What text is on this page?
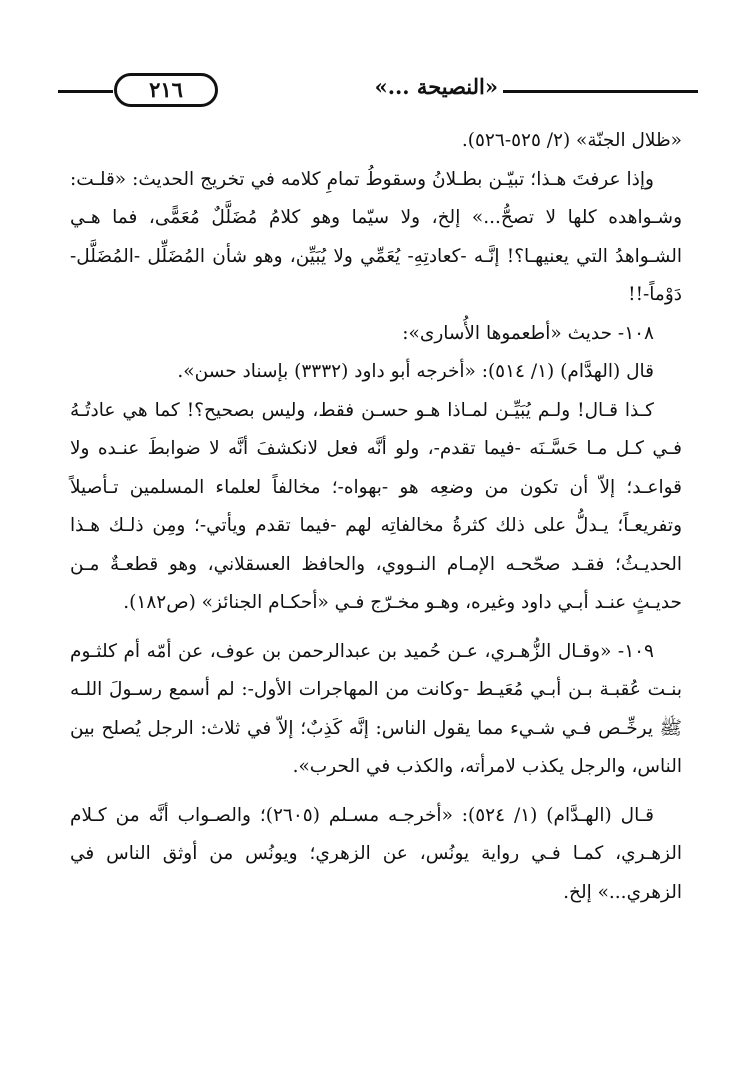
«النصيحة ...»
٢١٦

«ظلال الجنّة» (٢/ ٥٢٥-٥٢٦).

وإذا عرفتَ هـذا؛ تبيّـن بطـلانُ وسقوطُ تمامِ كلامه في تخريج الحديث: «قلـت: وشـواهده كلها لا تصحُّ...» إلخ، ولا سيّما وهو كلامُ مُضَلَّلٌ مُعَمًّى، فما هـي الشـواهدُ التي يعنيهـا؟! إنَّـه -كعادتِهِ- يُعَمِّي ولا يُبَيِّن، وهو شأن المُضَلِّل -المُضَلَّل-دَوْماً-!!

١٠٨- حديث «أطعموها الأُسارى»:

قال (الهدَّام) (١/ ٥١٤): «أخرجه أبو داود (٣٣٣٢) بإسناد حسن».

كـذا قـال! ولـم يُبَيِّـن لمـاذا هـو حسـن فقط، وليس بصحيح؟! كما هي عادتُـهُ فـي كـل مـا حَسَّـنَه -فيما تقدم-، ولو أنَّه فعل لانكشفَ أنَّه لا ضوابطَ عنـده ولا قواعـد؛ إلاّ أن تكون من وضعِه هو -بهواه-؛ مخالفاً لعلماء المسلمين تـأصيلاً وتفريعـاً؛ يـدلُّ على ذلك كثرةُ مخالفاتِه لهم -فيما تقدم ويأتي-؛ ومِن ذلـك هـذا الحديـثُ؛ فقـد صحّحـه الإمـام النـووي، والحافظ العسقلاني، وهو قطعـةٌ مـن حديـثٍ عنـد أبـي داود وغيره، وهـو مخـرّج فـي «أحكـام الجنائز» (ص١٨٢).

١٠٩- «وقـال الزُّهـري، عـن حُميد بن عبدالرحمن بن عوف، عن أمّه أم كلثـوم بنـت عُقبـة بـن أبـي مُعَيـط -وكانت من المهاجرات الأول-: لم أسمع رسـولَ اللـه ﷺ يرخِّـص فـي شـيء مما يقول الناس: إنَّه كَذِبٌ؛ إلاّ في ثلاث: الرجل يُصلح بين الناس، والرجل يكذب لامرأته، والكذب في الحرب».

قـال (الهـدَّام) (١/ ٥٢٤): «أخرجـه مسـلم (٢٦٠٥)؛ والصـواب أنَّه من كـلام الزهـري، كمـا فـي رواية يونُس، عن الزهري؛ ويونُس من أوثق الناس في الزهري...» إلخ.
